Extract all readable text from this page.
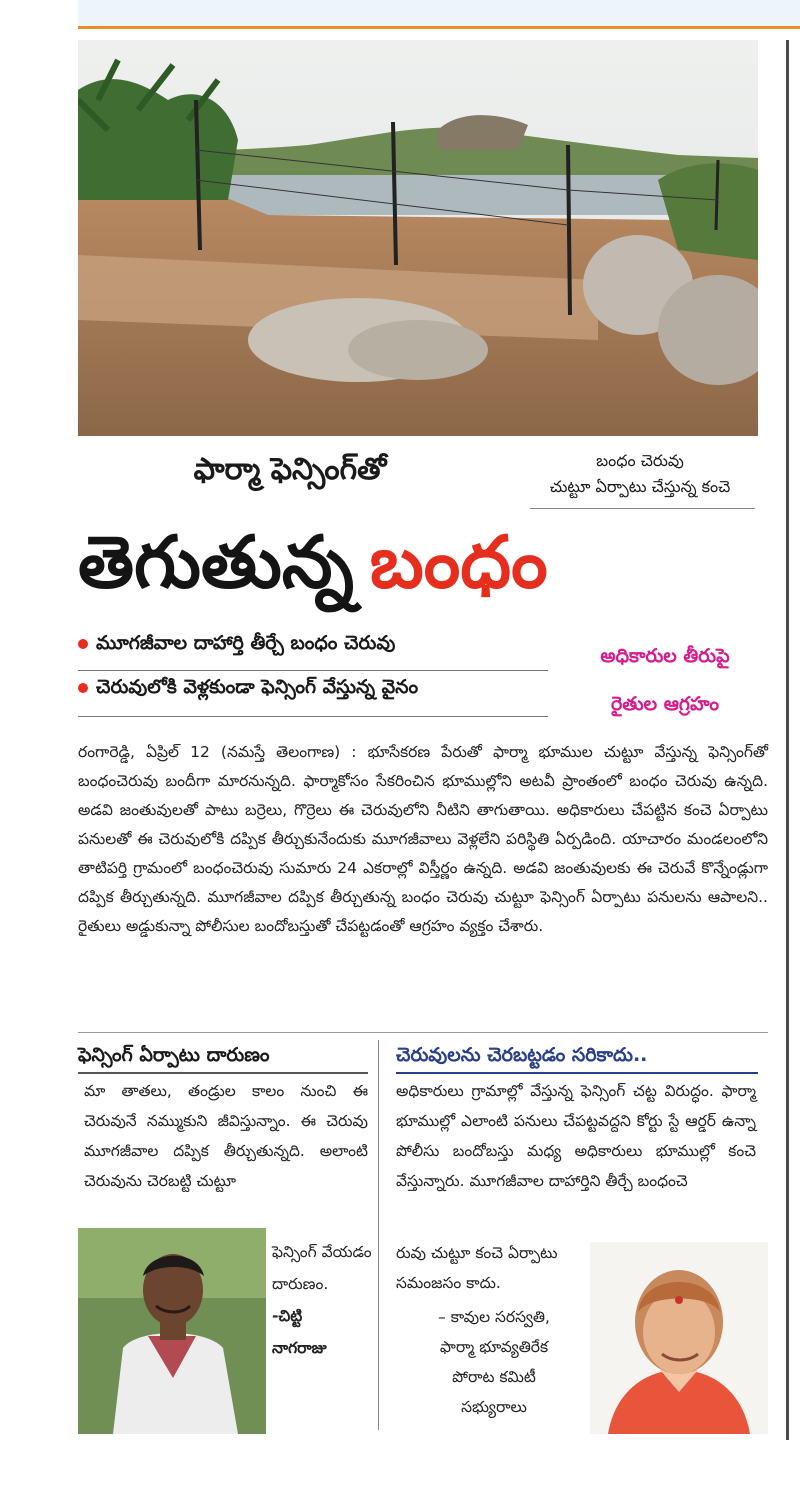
బంధం చెరువు
చుట్టూ ఏర్పాటు చేస్తున్న కంచె
ఫార్మా ఫెన్సింగ్‌తో
తెగుతున్న బంధం
మూగజీవాల దాహార్తి తీర్చే బంధం చెరువు
చెరువులోకి వెళ్లకుండా ఫెన్సింగ్ వేస్తున్న వైనం
అధికారుల తీరుపై
రైతుల ఆగ్రహం
రంగారెడ్డి, ఏప్రిల్ 12 (నమస్తే తెలంగాణ) : భూసేకరణ పేరుతో ఫార్మా భూముల చుట్టూ వేస్తున్న ఫెన్సింగ్‌తో బంధంచెరువు బందీగా మారనున్నది. ఫార్మాకోసం సేకరించిన భూముల్లోని అటవీ ప్రాంతంలో బంధం చెరువు ఉన్నది. అడవి జంతువులతో పాటు బర్రెలు, గొర్రెలు ఈ చెరువులోని నీటిని తాగుతాయి. అధికారులు చేపట్టిన కంచె ఏర్పాటు పనులతో ఈ చెరువులోకి దప్పిక తీర్చుకునేందుకు మూగజీవాలు వెళ్లలేని పరిస్థితి ఏర్పడింది. యాచారం మండలంలోని తాటిపర్తి గ్రామంలో బంధంచెరువు సుమారు 24 ఎకరాల్లో విస్తీర్ణం ఉన్నది. అడవి జంతువులకు ఈ చెరువే కొన్నేండ్లుగా దప్పిక తీర్చుతున్నది. మూగజీవాల దప్పిక తీర్చుతున్న బంధం చెరువు చుట్టూ ఫెన్సింగ్ ఏర్పాటు పనులను ఆపాలని.. రైతులు అడ్డుకున్నా పోలీసుల బందోబస్తుతో చేపట్టడంతో ఆగ్రహం వ్యక్తం చేశారు.
ఫెన్సింగ్ ఏర్పాటు దారుణం
మా తాతలు, తండ్రుల కాలం నుంచి ఈ చెరువునే నమ్ముకుని జీవిస్తున్నాం. ఈ చెరువు మూగజీవాల దప్పిక తీర్చుతున్నది. అలాంటి చెరువును చెరబట్టి చుట్టూ
ఫెన్సింగ్ వేయడం దారుణం.
-చిట్టి
నాగరాజు
చెరువులను చెరబట్టడం సరికాదు..
అధికారులు గ్రామాల్లో వేస్తున్న ఫెన్సింగ్ చట్ట విరుద్ధం. ఫార్మా భూముల్లో ఎలాంటి పనులు చేపట్టవద్దని కోర్టు స్టే ఆర్డర్ ఉన్నా పోలీసు బందోబస్తు మధ్య అధికారులు భూముల్లో కంచె వేస్తున్నారు. మూగజీవాల దాహార్తిని తీర్చే బంధంచె
రువు చుట్టూ కంచె ఏర్పాటు సమంజసం కాదు.
– కావుల సరస్వతి,
ఫార్మా భూవ్యతిరేక
పోరాట కమిటీ
సభ్యురాలు
